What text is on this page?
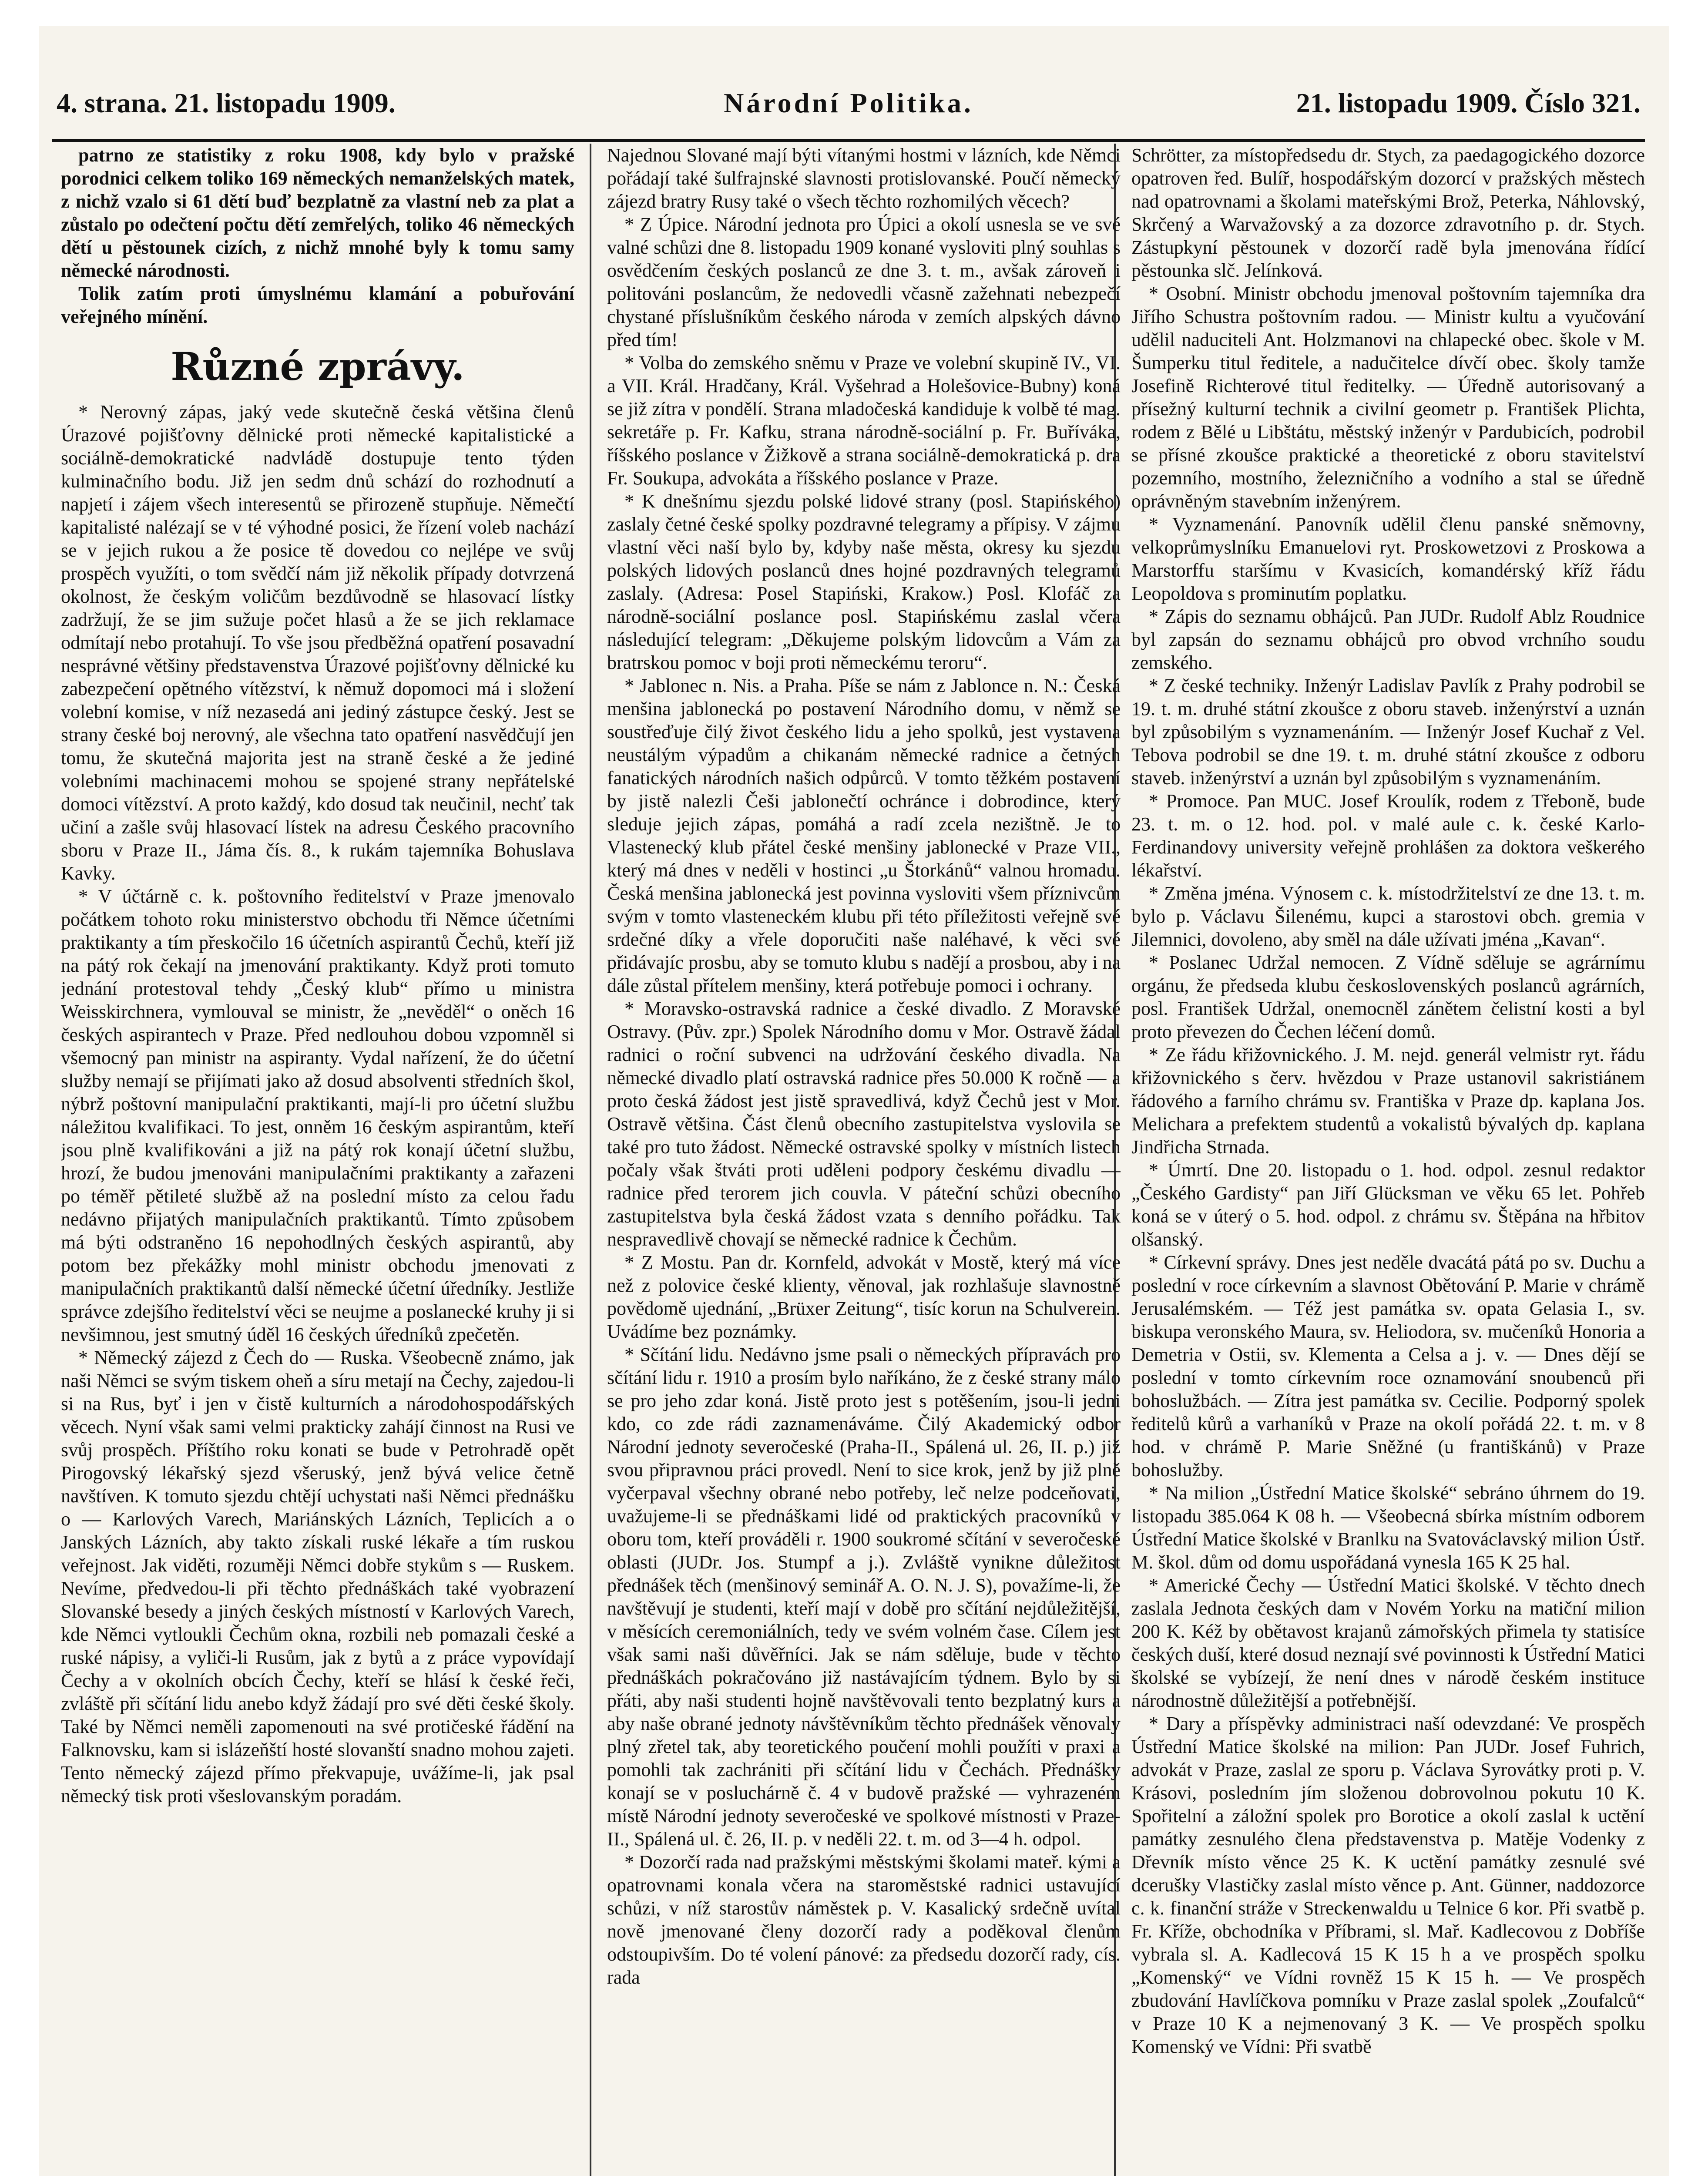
4. strana. 21. listopadu 1909.	Národní Politika.	21. listopadu 1909. Číslo 321.

patrno ze statistiky z roku 1908, kdy bylo v pražské porodnici celkem toliko 169 německých nemanželských matek, z nichž vzalo si 61 dětí buď bezplatně za vlastní neb za plat a zůstalo po odečtení počtu dětí zemřelých, toliko 46 německých dětí u pěstounek cizích, z nichž mnohé byly k tomu samy německé národnosti.

Tolik zatím proti úmyslnému klamání a pobuřování veřejného mínění.

Různé zprávy.

* Nerovný zápas, jaký vede skutečně česká většina členů Úrazové pojišťovny dělnické proti německé kapitalistické a sociálně-demokratické nadvládě dostupuje tento týden kulminačního bodu. Již jen sedm dnů schází do rozhodnutí a napjetí i zájem všech interesentů se přirozeně stupňuje. Němečtí kapitalisté nalézají se v té výhodné posici, že řízení voleb nachází se v jejich rukou a že posice tě dovedou co nejlépe ve svůj prospěch využíti, o tom svědčí nám již několik případy dotvrzená okolnost, že českým voličům bezdůvodně se hlasovací lístky zadržují, že se jim sužuje počet hlasů a že se jich reklamace odmítají nebo protahují. To vše jsou předběžná opatření posavadní nesprávné většiny představenstva Úrazové pojišťovny dělnické ku zabezpečení opětného vítězství, k němuž dopomoci má i složení volební komise, v níž nezasedá ani jediný zástupce český. Jest se strany české boj nerovný, ale všechna tato opatření nasvědčují jen tomu, že skutečná majorita jest na straně české a že jediné volebními machinacemi mohou se spojené strany nepřátelské domoci vítězství. A proto každý, kdo dosud tak neučinil, nechť tak učiní a zašle svůj hlasovací lístek na adresu Českého pracovního sboru v Praze II., Jáma čís. 8., k rukám tajemníka Bohuslava Kavky.

* V účtárně c. k. poštovního ředitelství v Praze jmenovalo počátkem tohoto roku ministerstvo obchodu tři Němce účetními praktikanty a tím přeskočilo 16 účetních aspirantů Čechů, kteří již na pátý rok čekají na jmenování praktikanty. Když proti tomuto jednání protestoval tehdy „Český klub“ přímo u ministra Weisskirchnera, vymlouval se ministr, že „nevěděl“ o oněch 16 českých aspirantech v Praze. Před nedlouhou dobou vzpomněl si všemocný pan ministr na aspiranty. Vydal nařízení, že do účetní služby nemají se přijímati jako až dosud absolventi středních škol, nýbrž poštovní manipulační praktikanti, mají-li pro účetní službu náležitou kvalifikaci. To jest, onněm 16 českým aspirantům, kteří jsou plně kvalifikováni a již na pátý rok konají účetní službu, hrozí, že budou jmenováni manipulačními praktikanty a zařazeni po téměř pětileté službě až na poslední místo za celou řadu nedávno přijatých manipulačních praktikantů. Tímto způsobem má býti odstraněno 16 nepohodlných českých aspirantů, aby potom bez překážky mohl ministr obchodu jmenovati z manipulačních praktikantů další německé účetní úředníky. Jestliže správce zdejšího ředitelství věci se neujme a poslanecké kruhy ji si nevšimnou, jest smutný úděl 16 českých úředníků zpečetěn.

* Německý zájezd z Čech do — Ruska. Všeobecně známo, jak naši Němci se svým tiskem oheň a síru metají na Čechy, zajedou-li si na Rus, byť i jen v čistě kulturních a národohospodářských věcech. Nyní však sami velmi prakticky zahájí činnost na Rusi ve svůj prospěch. Příštího roku konati se bude v Petrohradě opět Pirogovský lékařský sjezd všeruský, jenž bývá velice četně navštíven. K tomuto sjezdu chtějí uchystati naši Němci přednášku o — Karlových Varech, Mariánských Lázních, Teplicích a o Janských Lázních, aby takto získali ruské lékaře a tím ruskou veřejnost. Jak viděti, rozuměji Němci dobře stykům s — Ruskem. Nevíme, předvedou-li při těchto přednáškách také vyobrazení Slovanské besedy a jiných českých místností v Karlových Varech, kde Němci vytloukli Čechům okna, rozbili neb pomazali české a ruské nápisy, a vyliči-li Rusům, jak z bytů a z práce vypovídají Čechy a v okolních obcích Čechy, kteří se hlásí k české řeči, zvláště při sčítání lidu anebo když žádají pro své děti české školy. Také by Němci neměli zapomenouti na své protičeské řádění na Falknovsku, kam si islázeňští hosté slovanští snadno mohou zajeti. Tento německý zájezd přímo překvapuje, uvážíme-li, jak psal německý tisk proti všeslovanským poradám.

Najednou Slované mají býti vítanými hostmi v lázních, kde Němci pořádají také šulfrajnské slavnosti protislovanské. Poučí německý zájezd bratry Rusy také o všech těchto rozhomilých věcech?

* Z Úpice. Národní jednota pro Úpici a okolí usnesla se ve své valné schůzi dne 8. listopadu 1909 konané vysloviti plný souhlas s osvědčením českých poslanců ze dne 3. t. m., avšak zároveň i politováni poslancům, že nedovedli včasně zažehnati nebezpečí chystané příslušníkům českého národa v zemích alpských dávno před tím!

* Volba do zemského sněmu v Praze ve volební skupině IV., VI. a VII. Král. Hradčany, Král. Vyšehrad a Holešovice-Bubny) koná se již zítra v pondělí. Strana mladočeská kandiduje k volbě té mag. sekretáře p. Fr. Kafku, strana národně-sociální p. Fr. Buříváka, říšského poslance v Žižkově a strana sociálně-demokratická p. dra Fr. Soukupa, advokáta a říšského poslance v Praze.

* K dnešnímu sjezdu polské lidové strany (posl. Stapińského) zaslaly četné české spolky pozdravné telegramy a přípisy. V zájmu vlastní věci naší bylo by, kdyby naše města, okresy ku sjezdu polských lidových poslanců dnes hojné pozdravných telegramů zaslaly. (Adresa: Posel Stapiński, Krakow.) Posl. Klofáč za národně-sociální poslance posl. Stapińskému zaslal včera následující telegram: „Děkujeme polským lidovcům a Vám za bratrskou pomoc v boji proti německému teroru“.

* Jablonec n. Nis. a Praha. Píše se nám z Jablonce n. N.: Česká menšina jablonecká po postavení Národního domu, v němž se soustřeďuje čilý život českého lidu a jeho spolků, jest vystavena neustálým výpadům a chikanám německé radnice a četných fanatických národních našich odpůrců. V tomto těžkém postavení by jistě nalezli Češi jablonečtí ochránce i dobrodince, který sleduje jejich zápas, pomáhá a radí zcela nezištně. Je to Vlastenecký klub přátel české menšiny jablonecké v Praze VII., který má dnes v neděli v hostinci „u Štorkánů“ valnou hromadu. Česká menšina jablonecká jest povinna vysloviti všem příznivcům svým v tomto vlasteneckém klubu při této příležitosti veřejně své srdečné díky a vřele doporučiti naše naléhavé, k věci své přidávajíc prosbu, aby se tomuto klubu s nadějí a prosbou, aby i na dále zůstal přítelem menšiny, která potřebuje pomoci i ochrany.

* Moravsko-ostravská radnice a české divadlo. Z Moravské Ostravy. (Pův. zpr.) Spolek Národního domu v Mor. Ostravě žádal radnici o roční subvenci na udržování českého divadla. Na německé divadlo platí ostravská radnice přes 50.000 K ročně — a proto česká žádost jest jistě spravedlivá, když Čechů jest v Mor. Ostravě většina. Část členů obecního zastupitelstva vyslovila se také pro tuto žádost. Německé ostravské spolky v místních listech počaly však štváti proti uděleni podpory českému divadlu — radnice před terorem jich couvla. V páteční schůzi obecního zastupitelstva byla česká žádost vzata s denního pořádku. Tak nespravedlivě chovají se německé radnice k Čechům.

* Z Mostu. Pan dr. Kornfeld, advokát v Mostě, který má více než z polovice české klienty, věnoval, jak rozhlašuje slavnostně povědomě ujednání, „Brüxer Zeitung“, tisíc korun na Schulverein. Uvádíme bez poznámky.

* Sčítání lidu. Nedávno jsme psali o německých přípravách pro sčítání lidu r. 1910 a prosím bylo naříkáno, že z české strany málo se pro jeho zdar koná. Jistě proto jest s potěšením, jsou-li jedni kdo, co zde rádi zaznamenáváme. Čilý Akademický odbor Národní jednoty severočeské (Praha-II., Spálená ul. 26, II. p.) již svou připravnou práci provedl. Není to sice krok, jenž by již plně vyčerpaval všechny obrané nebo potřeby, leč nelze podceňovati, uvažujeme-li se přednáškami lidé od praktických pracovníků v oboru tom, kteří prováděli r. 1900 soukromé sčítání v severočeské oblasti (JUDr. Jos. Stumpf a j.). Zvláště vynikne důležitost přednášek těch (menšinový seminář A. O. N. J. S), považíme-li, že navštěvují je studenti, kteří mají v době pro sčítání nejdůležitější, v měsících ceremoniálních, tedy ve svém volném čase. Cílem jest však sami naši důvěřníci. Jak se nám sděluje, bude v těchto přednáškách pokračováno již nastávajícím týdnem. Bylo by si přáti, aby naši studenti hojně navštěvovali tento bezplatný kurs a aby naše obrané jednoty návštěvníkům těchto přednášek věnovaly plný zřetel tak, aby teoretického poučení mohli použíti v praxi a pomohli tak zachrániti při sčítání lidu v Čechách. Přednášky konají se v posluchárně č. 4 v budově pražské — vyhrazeném místě Národní jednoty severočeské ve spolkové místnosti v Praze-II., Spálená ul. č. 26, II. p. v neděli 22. t. m. od 3—4 h. odpol.

* Dozorčí rada nad pražskými městskými školami mateř. kými a opatrovnami konala včera na staroměstské radnici ustavující schůzi, v níž starostův náměstek p. V. Kasalický srdečně uvítal nově jmenované členy dozorčí rady a poděkoval členům odstoupivším. Do té volení pánové: za předsedu dozorčí rady, cís. rada

Schrötter, za místopředsedu dr. Stych, za paedagogického dozorce opatroven řed. Bulíř, hospodářským dozorcí v pražských městech nad opatrovnami a školami mateřskými Brož, Peterka, Náhlovský, Skrčený a Warvažovský a za dozorce zdravotního p. dr. Stych. Zástupkyní pěstounek v dozorčí radě byla jmenována řídící pěstounka slč. Jelínková.

* Osobní. Ministr obchodu jmenoval poštovním tajemníka dra Jiřího Schustra poštovním radou. — Ministr kultu a vyučování udělil naduciteli Ant. Holzmanovi na chlapecké obec. škole v M. Šumperku titul ředitele, a nadučitelce dívčí obec. školy tamže Josefině Richterové titul ředitelky. — Úředně autorisovaný a přísežný kulturní technik a civilní geometr p. František Plichta, rodem z Bělé u Libštátu, městský inženýr v Pardubicích, podrobil se přísné zkoušce praktické a theoretické z oboru stavitelství pozemního, mostního, železničního a vodního a stal se úředně oprávněným stavebním inženýrem.

* Vyznamenání. Panovník udělil členu panské sněmovny, velkoprůmyslníku Emanuelovi ryt. Proskowetzovi z Proskowa a Marstorffu staršímu v Kvasicích, komandérský kříž řádu Leopoldova s prominutím poplatku.

* Zápis do seznamu obhájců. Pan JUDr. Rudolf Ablz Roudnice byl zapsán do seznamu obhájců pro obvod vrchního soudu zemského.

* Z české techniky. Inženýr Ladislav Pavlík z Prahy podrobil se 19. t. m. druhé státní zkoušce z oboru staveb. inženýrství a uznán byl způsobilým s vyznamenáním. — Inženýr Josef Kuchař z Vel. Tebova podrobil se dne 19. t. m. druhé státní zkoušce z odboru staveb. inženýrství a uznán byl způsobilým s vyznamenáním.

* Promoce. Pan MUC. Josef Kroulík, rodem z Třeboně, bude 23. t. m. o 12. hod. pol. v malé aule c. k. české Karlo-Ferdinandovy university veřejně prohlášen za doktora veškerého lékařství.

* Změna jména. Výnosem c. k. místodržitelství ze dne 13. t. m. bylo p. Václavu Šilenému, kupci a starostovi obch. gremia v Jilemnici, dovoleno, aby směl na dále užívati jména „Kavan“.

* Poslanec Udržal nemocen. Z Vídně sděluje se agrárnímu orgánu, že předseda klubu československých poslanců agrárních, posl. František Udržal, onemocněl zánětem čelistní kosti a byl proto převezen do Čechen léčení domů.

* Ze řádu křižovnického. J. M. nejd. generál velmistr ryt. řádu křižovnického s červ. hvězdou v Praze ustanovil sakristiánem řádového a farního chrámu sv. Františka v Praze dp. kaplana Jos. Melichara a prefektem studentů a vokalistů bývalých dp. kaplana Jindřicha Strnada.

* Úmrtí. Dne 20. listopadu o 1. hod. odpol. zesnul redaktor „Českého Gardisty“ pan Jiří Glücksman ve věku 65 let. Pohřeb koná se v úterý o 5. hod. odpol. z chrámu sv. Štěpána na hřbitov olšanský.

* Církevní správy. Dnes jest neděle dvacátá pátá po sv. Duchu a poslední v roce církevním a slavnost Obětování P. Marie v chrámě Jerusalémském. — Též jest památka sv. opata Gelasia I., sv. biskupa veronského Maura, sv. Heliodora, sv. mučeníků Honoria a Demetria v Ostii, sv. Klementa a Celsa a j. v. — Dnes dějí se poslední v tomto církevním roce oznamování snoubenců při bohoslužbách. — Zítra jest památka sv. Cecilie. Podporný spolek ředitelů kůrů a varhaníků v Praze na okolí pořádá 22. t. m. v 8 hod. v chrámě P. Marie Sněžné (u františkánů) v Praze bohoslužby.

* Na milion „Ústřední Matice školské“ sebráno úhrnem do 19. listopadu 385.064 K 08 h. — Všeobecná sbírka místním odborem Ústřední Matice školské v Branlku na Svatováclavský milion Ústř. M. škol. dům od domu uspořádaná vynesla 165 K 25 hal.

* Americké Čechy — Ústřední Matici školské. V těchto dnech zaslala Jednota českých dam v Novém Yorku na matiční milion 200 K. Kéž by obětavost krajanů zámořských přimela ty statisíce českých duší, které dosud neznají své povinnosti k Ústřední Matici školské se vybízejí, že není dnes v národě českém instituce národnostně důležitější a potřebnější.

* Dary a příspěvky administraci naší odevzdané: Ve prospěch Ústřední Matice školské na milion: Pan JUDr. Josef Fuhrich, advokát v Praze, zaslal ze sporu p. Václava Syrovátky proti p. V. Krásovi, posledním jím složenou dobrovolnou pokutu 10 K. Spořitelní a záložní spolek pro Borotice a okolí zaslal k uctění památky zesnulého člena představenstva p. Matěje Vodenky z Dřevník místo věnce 25 K. K uctění památky zesnulé své dcerušky Vlastičky zaslal místo věnce p. Ant. Günner, naddozorce c. k. finanční stráže v Streckenwaldu u Telnice 6 kor. Při svatbě p. Fr. Kříže, obchodníka v Příbrami, sl. Mař. Kadlecovou z Dobříše vybrala sl. A. Kadlecová 15 K 15 h a ve prospěch spolku „Komenský“ ve Vídni rovněž 15 K 15 h. — Ve prospěch zbudování Havlíčkova pomníku v Praze zaslal spolek „Zoufalců“ v Praze 10 K a nejmenovaný 3 K. — Ve prospěch spolku Komenský ve Vídni: Při svatbě
